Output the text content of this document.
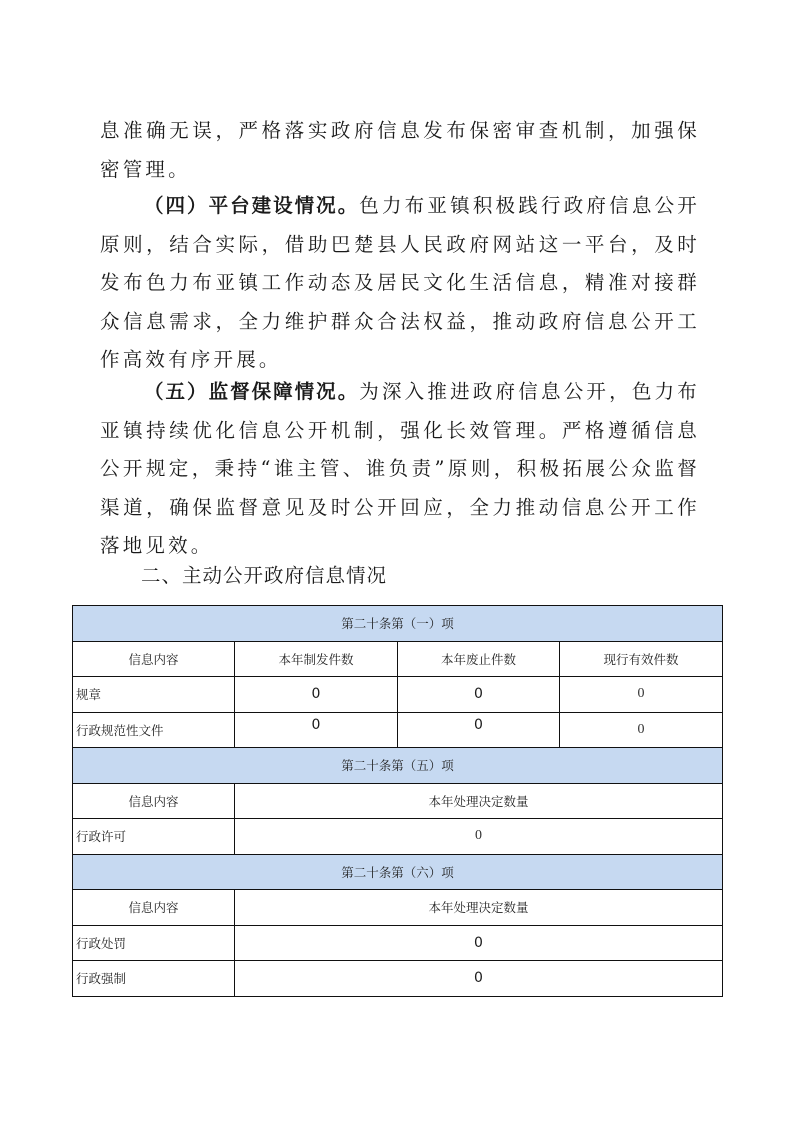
息准确无误，严格落实政府信息发布保密审查机制，加强保密管理。

（四）平台建设情况。色力布亚镇积极践行政府信息公开原则，结合实际，借助巴楚县人民政府网站这一平台，及时发布色力布亚镇工作动态及居民文化生活信息，精准对接群众信息需求，全力维护群众合法权益，推动政府信息公开工作高效有序开展。

（五）监督保障情况。为深入推进政府信息公开，色力布亚镇持续优化信息公开机制，强化长效管理。严格遵循信息公开规定，秉持“谁主管、谁负责”原则，积极拓展公众监督渠道，确保监督意见及时公开回应，全力推动信息公开工作落地见效。

二、主动公开政府信息情况
第二十条第（一）项			
信息内容	本年制发件数	本年废止件数	现行有效件数
规章	0	0	0
行政规范性文件	0	0	0
第二十条第（五）项			
信息内容	本年处理决定数量		
行政许可	0		
第二十条第（六）项			
信息内容	本年处理决定数量		
行政处罚	0		
行政强制	0		
